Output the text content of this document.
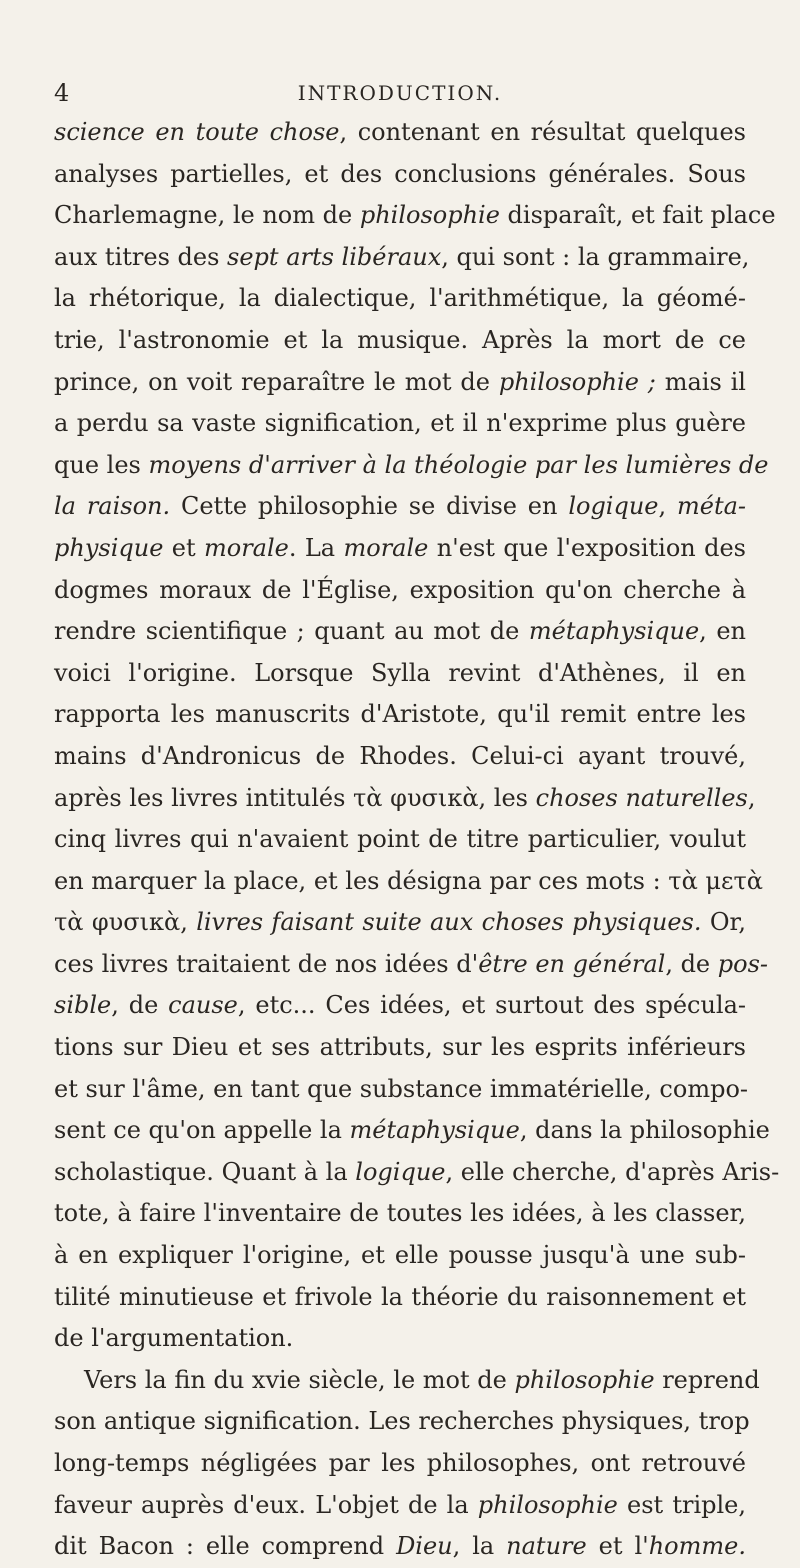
4	INTRODUCTION.
science en toute chose, contenant en résultat quelques
analyses partielles, et des conclusions générales. Sous
Charlemagne, le nom de philosophie disparaît, et fait place
aux titres des sept arts libéraux, qui sont : la grammaire,
la rhétorique, la dialectique, l'arithmétique, la géomé-
trie, l'astronomie et la musique. Après la mort de ce
prince, on voit reparaître le mot de philosophie ; mais il
a perdu sa vaste signification, et il n'exprime plus guère
que les moyens d'arriver à la théologie par les lumières de
la raison. Cette philosophie se divise en logique, méta-
physique et morale. La morale n'est que l'exposition des
dogmes moraux de l'Église, exposition qu'on cherche à
rendre scientifique ; quant au mot de métaphysique, en
voici l'origine. Lorsque Sylla revint d'Athènes, il en
rapporta les manuscrits d'Aristote, qu'il remit entre les
mains d'Andronicus de Rhodes. Celui-ci ayant trouvé,
après les livres intitulés τὰ φυσικὰ, les choses naturelles,
cinq livres qui n'avaient point de titre particulier, voulut
en marquer la place, et les désigna par ces mots : τὰ μετὰ
τὰ φυσικὰ, livres faisant suite aux choses physiques. Or,
ces livres traitaient de nos idées d'être en général, de pos-
sible, de cause, etc... Ces idées, et surtout des spécula-
tions sur Dieu et ses attributs, sur les esprits inférieurs
et sur l'âme, en tant que substance immatérielle, compo-
sent ce qu'on appelle la métaphysique, dans la philosophie
scholastique. Quant à la logique, elle cherche, d'après Aris-
tote, à faire l'inventaire de toutes les idées, à les classer,
à en expliquer l'origine, et elle pousse jusqu'à une sub-
tilité minutieuse et frivole la théorie du raisonnement et
de l'argumentation.
Vers la fin du xvie siècle, le mot de philosophie reprend
son antique signification. Les recherches physiques, trop
long-temps négligées par les philosophes, ont retrouvé
faveur auprès d'eux. L'objet de la philosophie est triple,
dit Bacon : elle comprend Dieu, la nature et l'homme.
